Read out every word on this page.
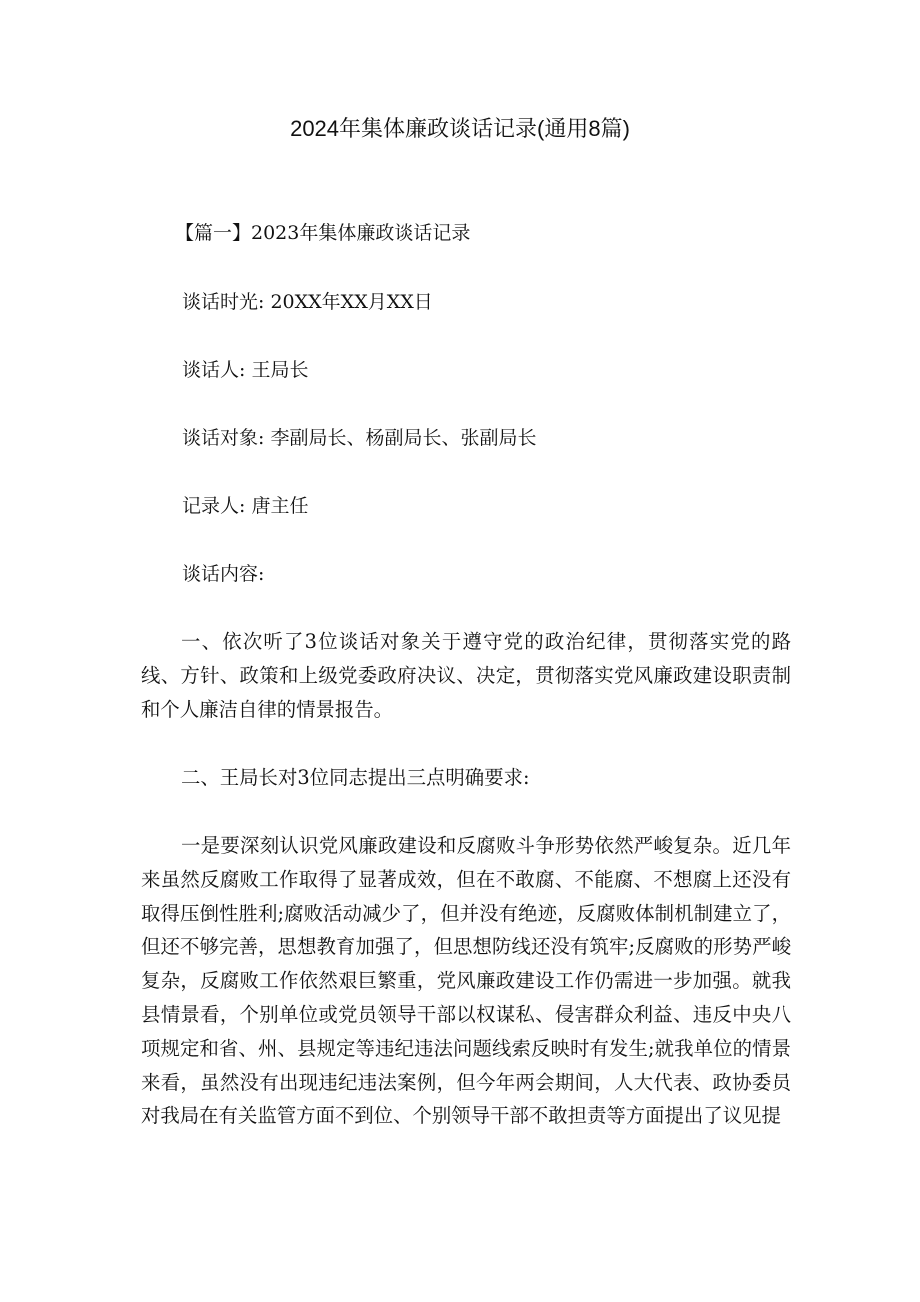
2024年集体廉政谈话记录(通用8篇)
【篇一】2023年集体廉政谈话记录
谈话时光: 20XX年XX月XX日
谈话人: 王局长
谈话对象: 李副局长、杨副局长、张副局长
记录人: 唐主任
谈话内容:

一、依次听了3位谈话对象关于遵守党的政治纪律，贯彻落实党的路线、方针、政策和上级党委政府决议、决定，贯彻落实党风廉政建设职责制和个人廉洁自律的情景报告。

二、王局长对3位同志提出三点明确要求:

一是要深刻认识党风廉政建设和反腐败斗争形势依然严峻复杂。近几年来虽然反腐败工作取得了显著成效，但在不敢腐、不能腐、不想腐上还没有取得压倒性胜利;腐败活动减少了，但并没有绝迹，反腐败体制机制建立了，但还不够完善，思想教育加强了，但思想防线还没有筑牢;反腐败的形势严峻复杂，反腐败工作依然艰巨繁重，党风廉政建设工作仍需进一步加强。就我县情景看，个别单位或党员领导干部以权谋私、侵害群众利益、违反中央八项规定和省、州、县规定等违纪违法问题线索反映时有发生;就我单位的情景来看，虽然没有出现违纪违法案例，但今年两会期间，人大代表、政协委员对我局在有关监管方面不到位、个别领导干部不敢担责等方面提出了议见提
